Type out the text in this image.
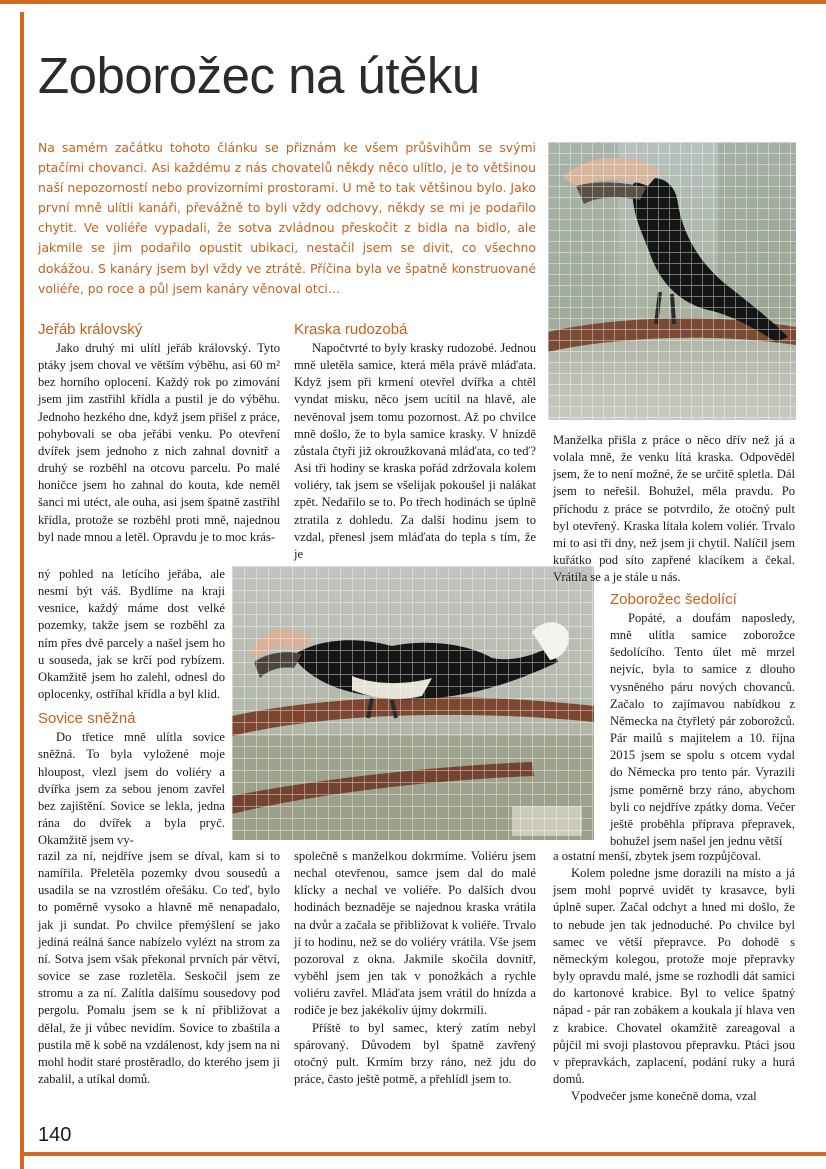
Zoborožec na útěku

Na samém začátku tohoto článku se přiznám ke všem průšvihům se svými ptačími chovanci. Asi každému z nás chovatelů někdy něco ulítlo, je to většinou naší nepozorností nebo provizorními prostorami. U mě to tak většinou bylo. Jako první mně ulítli kanáři, převážně to byli vždy odchovy, někdy se mi je podařilo chytit. Ve voliéře vypadali, že sotva zvládnou přeskočit z bidla na bidlo, ale jakmile se jim podařilo opustit ubikaci, nestačil jsem se divit, co všechno dokážou. S kanáry jsem byl vždy ve ztrátě. Příčina byla ve špatně konstruované voliéře, po roce a půl jsem kanáry věnoval otci…

Jeřáb královský

Jako druhý mi ulítl jeřáb královský. Tyto ptáky jsem choval ve větším výběhu, asi 60 m² bez horního oplocení. Každý rok po zimování jsem jim zastřihl křídla a pustil je do výběhu. Jednoho hezkého dne, když jsem přišel z práce, pohybovali se oba jeřábi venku. Po otevření dvířek jsem jednoho z nich zahnal dovnitř a druhý se rozběhl na otcovu parcelu. Po malé honičce jsem ho zahnal do kouta, kde neměl šanci mi utéct, ale ouha, asi jsem špatně zastřihl křídla, protože se rozběhl proti mně, najednou byl nade mnou a letěl. Opravdu je to moc krás-

ný pohled na letícího jeřába, ale nesmí být váš. Bydlíme na kraji vesnice, každý máme dost velké pozemky, takže jsem se rozběhl za ním přes dvě parcely a našel jsem ho u souseda, jak se krčí pod rybízem. Okamžitě jsem ho zalehl, odnesl do oplocenky, ostříhal křídla a byl klid.

Sovice sněžná

Do třetice mně ulítla sovice sněžná. To byla vyložené moje hloupost, vlezl jsem do voliéry a dvířka jsem za sebou jenom zavřel bez zajištění. Sovice se lekla, jedna rána do dvířek a byla pryč. Okamžitě jsem vy-

razil za ní, nejdříve jsem se díval, kam si to namířila. Přeletěla pozemky dvou sousedů a usadila se na vzrostlém ořešáku. Co teď, bylo to poměrně vysoko a hlavně mě nenapadalo, jak ji sundat. Po chvilce přemýšlení se jako jediná reálná šance nabízelo vylézt na strom za ní. Sotva jsem však překonal prvních pár větví, sovice se zase rozletěla. Seskočil jsem ze stromu a za ní. Zalítla dalšímu sousedovy pod pergolu. Pomalu jsem se k ní přibližovat a dělal, že ji vůbec nevidím. Sovice to zbaštila a pustila mě k sobě na vzdálenost, kdy jsem na ni mohl hodit staré prostěradlo, do kterého jsem ji zabalil, a utíkal domů.

Kraska rudozobá

Napočtvrté to byly krasky rudozobé. Jednou mně uletěla samice, která měla právě mláďata. Když jsem při krmení otevřel dvířka a chtěl vyndat misku, něco jsem ucítil na hlavě, ale nevěnoval jsem tomu pozornost. Až po chvilce mně došlo, že to byla samice krasky. V hnízdě zůstala čtyři již okroužkovaná mláďata, co teď? Asi tři hodiny se kraska pořád zdržovala kolem voliéry, tak jsem se všelijak pokoušel ji nalákat zpět. Nedařilo se to. Po třech hodinách se úplně ztratila z dohledu. Za další hodinu jsem to vzdal, přenesl jsem mláďata do tepla s tím, že je

společně s manželkou dokrmíme. Voliéru jsem nechal otevřenou, samce jsem dal do malé klícky a nechal ve voliéře. Po dalších dvou hodinách beznaděje se najednou kraska vrátila na dvůr a začala se přibližovat k voliéře. Trvalo jí to hodinu, než se do voliéry vrátila. Vše jsem pozoroval z okna. Jakmile skočila dovnitř, vyběhl jsem jen tak v ponožkách a rychle voliéru zavřel. Mláďata jsem vrátil do hnízda a rodiče je bez jakékoliv újmy dokrmili.

Příště to byl samec, který zatím nebyl spárovaný. Důvodem byl špatně zavřený otočný pult. Krmím brzy ráno, než jdu do práce, často ještě potmě, a přehlídl jsem to.

Manželka přišla z práce o něco dřív než já a volala mně, že venku lítá kraska. Odpověděl jsem, že to není možné, že se určitě spletla. Dál jsem to neřešil. Bohužel, měla pravdu. Po příchodu z práce se potvrdilo, že otočný pult byl otevřený. Kraska lítala kolem voliér. Trvalo mi to asi tři dny, než jsem ji chytil. Nalíčil jsem kuřátko pod síto zapřené klacíkem a čekal. Vrátila se a je stále u nás.

Zoborožec šedolící

Popáté, a doufám naposledy, mně ulítla samice zoborožce šedolícího. Tento úlet mě mrzel nejvíc, byla to samice z dlouho vysněného páru nových chovanců. Začalo to zajímavou nabídkou z Německa na čtyřletý pár zoborožců. Pár mailů s majitelem a 10. října 2015 jsem se spolu s otcem vydal do Německa pro tento pár. Vyrazili jsme poměrně brzy ráno, abychom byli co nejdříve zpátky doma. Večer ještě proběhla příprava přepravek, bohužel jsem našel jen jednu větší

a ostatní menší, zbytek jsem rozpůjčoval.

Kolem poledne jsme dorazili na místo a já jsem mohl poprvé uvidět ty krasavce, byli úplně super. Začal odchyt a hned mi došlo, že to nebude jen tak jednoduché. Po chvilce byl samec ve větší přepravce. Po dohodě s německým kolegou, protože moje přepravky byly opravdu malé, jsme se rozhodli dát samici do kartonové krabice. Byl to velice špatný nápad - pár ran zobákem a koukala jí hlava ven z krabice. Chovatel okamžitě zareagoval a půjčil mi svoji plastovou přepravku. Ptáci jsou v přepravkách, zaplacení, podání ruky a hurá domů.

Vpodvečer jsme konečně doma, vzal

140
